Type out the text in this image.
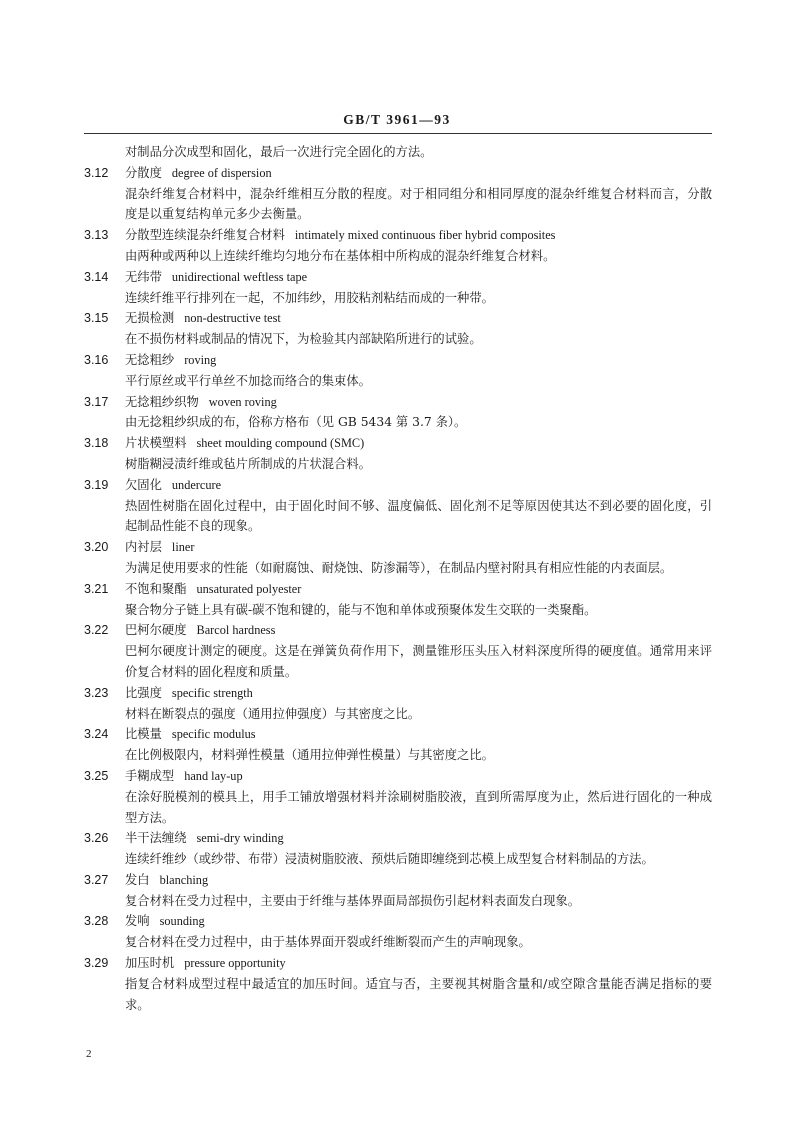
GB/T 3961—93
对制品分次成型和固化，最后一次进行完全固化的方法。
3.12 分散度 degree of dispersion
混杂纤维复合材料中，混杂纤维相互分散的程度。对于相同组分和相同厚度的混杂纤维复合材料而言，分散度是以重复结构单元多少去衡量。
3.13 分散型连续混杂纤维复合材料 intimately mixed continuous fiber hybrid composites
由两种或两种以上连续纤维均匀地分布在基体相中所构成的混杂纤维复合材料。
3.14 无纬带 unidirectional weftless tape
连续纤维平行排列在一起，不加纬纱，用胶粘剂粘结而成的一种带。
3.15 无损检测 non-destructive test
在不损伤材料或制品的情况下，为检验其内部缺陷所进行的试验。
3.16 无捻粗纱 roving
平行原丝或平行单丝不加捻而络合的集束体。
3.17 无捻粗纱织物 woven roving
由无捻粗纱织成的布，俗称方格布（见 GB 5434 第 3.7 条）。
3.18 片状模塑料 sheet moulding compound (SMC)
树脂糊浸渍纤维或毡片所制成的片状混合料。
3.19 欠固化 undercure
热固性树脂在固化过程中，由于固化时间不够、温度偏低、固化剂不足等原因使其达不到必要的固化度，引起制品性能不良的现象。
3.20 内衬层 liner
为满足使用要求的性能（如耐腐蚀、耐烧蚀、防渗漏等），在制品内壁衬附具有相应性能的内表面层。
3.21 不饱和聚酯 unsaturated polyester
聚合物分子链上具有碳-碳不饱和键的，能与不饱和单体或预聚体发生交联的一类聚酯。
3.22 巴柯尔硬度 Barcol hardness
巴柯尔硬度计测定的硬度。这是在弹簧负荷作用下，测量锥形压头压入材料深度所得的硬度值。通常用来评价复合材料的固化程度和质量。
3.23 比强度 specific strength
材料在断裂点的强度（通用拉伸强度）与其密度之比。
3.24 比模量 specific modulus
在比例极限内，材料弹性模量（通用拉伸弹性模量）与其密度之比。
3.25 手糊成型 hand lay-up
在涂好脱模剂的模具上，用手工铺放增强材料并涂刷树脂胶液，直到所需厚度为止，然后进行固化的一种成型方法。
3.26 半干法缠绕 semi-dry winding
连续纤维纱（或纱带、布带）浸渍树脂胶液、预烘后随即缠绕到芯模上成型复合材料制品的方法。
3.27 发白 blanching
复合材料在受力过程中，主要由于纤维与基体界面局部损伤引起材料表面发白现象。
3.28 发响 sounding
复合材料在受力过程中，由于基体界面开裂或纤维断裂而产生的声响现象。
3.29 加压时机 pressure opportunity
指复合材料成型过程中最适宜的加压时间。适宜与否，主要视其树脂含量和/或空隙含量能否满足指标的要求。
2
